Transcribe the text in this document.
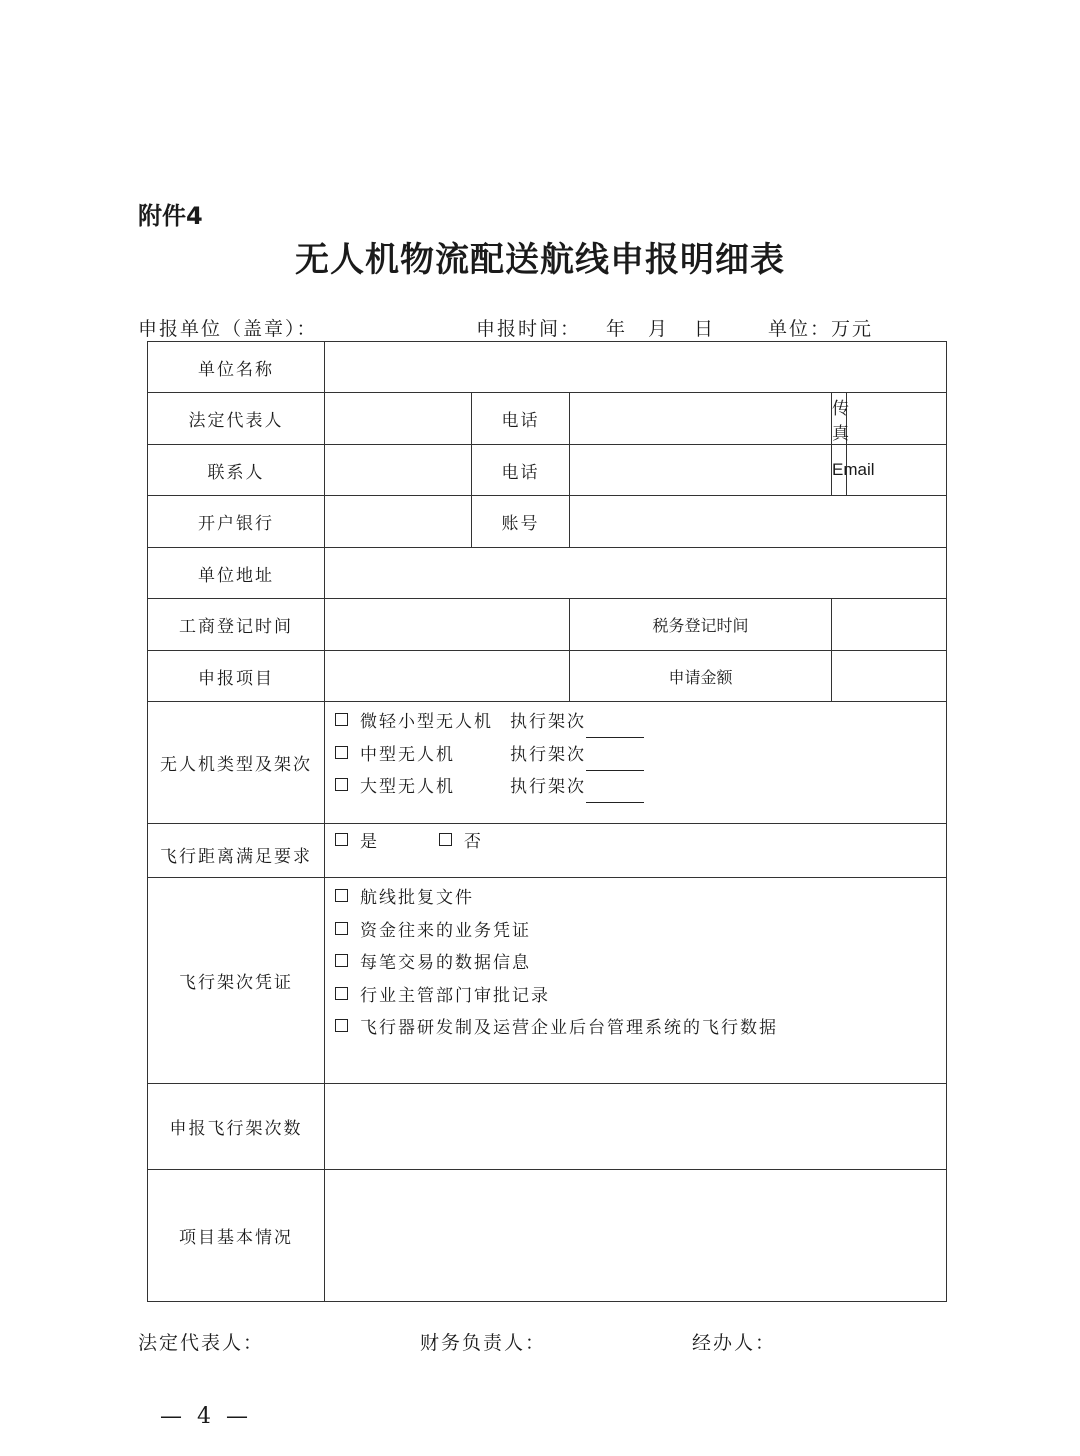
附件4
无人机物流配送航线申报明细表
申报单位（盖章）：	申报时间： 年 月 日	单位：万元
单位名称					
法定代表人		电话		传真	
联系人		电话		Email	
开户银行		账号			
单位地址					
工商登记时间			税务登记时间		
申报项目			申请金额		
无人机类型及架次	微轻小型无人机 执行架次
中型无人机 执行架次
大型无人机 执行架次				

飞行距离满足要求	是 否				

飞行架次凭证	航线批复文件
资金往来的业务凭证
每笔交易的数据信息
行业主管部门审批记录
飞行器研发制及运营企业后台管理系统的飞行数据				

申报飞行架次数					
项目基本情况					
法定代表人：	财务负责人：	经办人：
— 4 —
